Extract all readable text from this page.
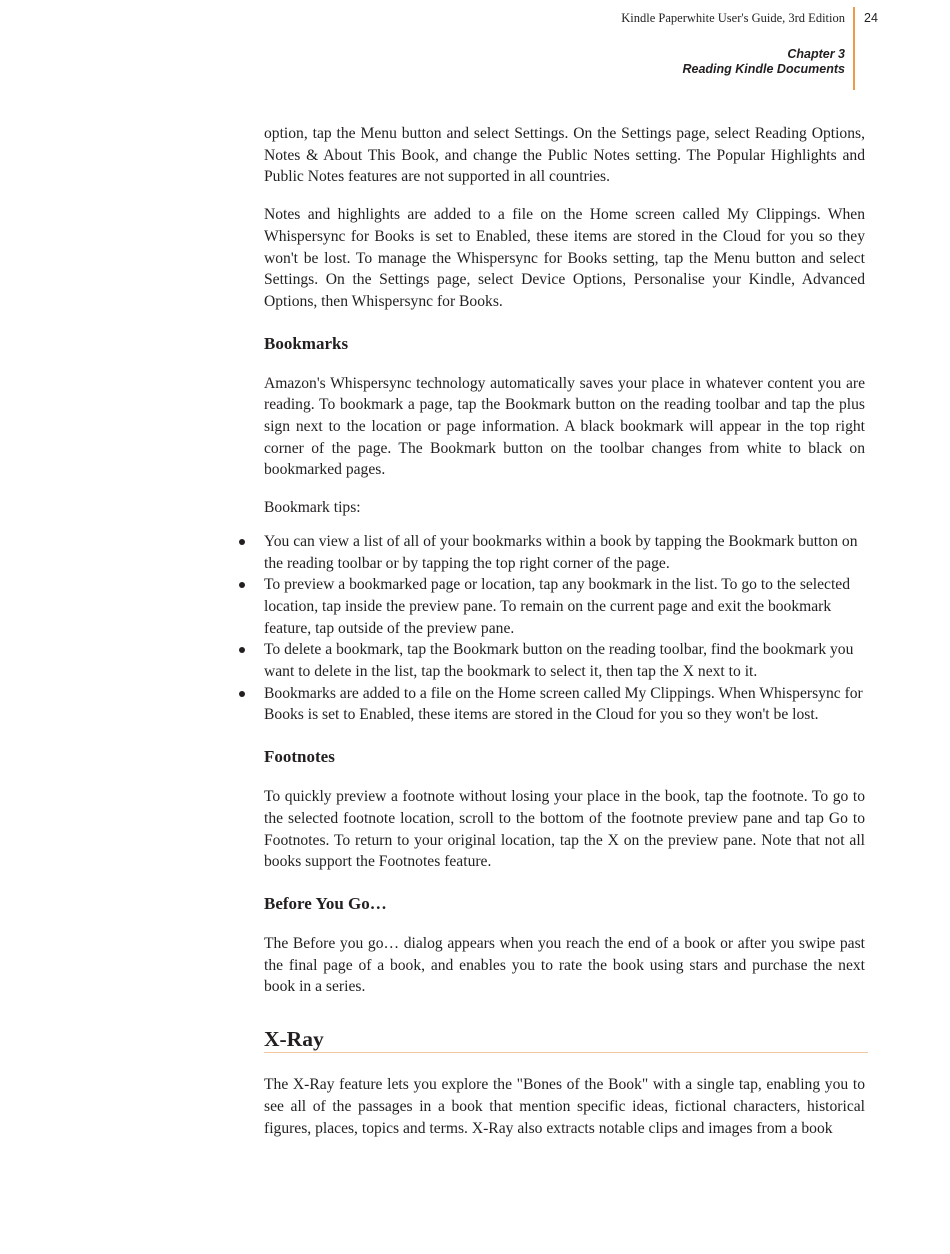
Kindle Paperwhite User's Guide, 3rd Edition 24
Chapter 3
Reading Kindle Documents

option, tap the Menu button and select Settings. On the Settings page, select Reading Options, Notes & About This Book, and change the Public Notes setting. The Popular Highlights and Public Notes features are not supported in all countries.

Notes and highlights are added to a file on the Home screen called My Clippings. When Whispersync for Books is set to Enabled, these items are stored in the Cloud for you so they won't be lost. To manage the Whispersync for Books setting, tap the Menu button and select Settings. On the Settings page, select Device Options, Personalise your Kindle, Advanced Options, then Whispersync for Books.

Bookmarks

Amazon's Whispersync technology automatically saves your place in whatever content you are reading. To bookmark a page, tap the Bookmark button on the reading toolbar and tap the plus sign next to the location or page information. A black bookmark will appear in the top right corner of the page. The Bookmark button on the toolbar changes from white to black on bookmarked pages.

Bookmark tips:

You can view a list of all of your bookmarks within a book by tapping the Bookmark button on the reading toolbar or by tapping the top right corner of the page.
To preview a bookmarked page or location, tap any bookmark in the list. To go to the selected location, tap inside the preview pane. To remain on the current page and exit the bookmark feature, tap outside of the preview pane.
To delete a bookmark, tap the Bookmark button on the reading toolbar, find the bookmark you want to delete in the list, tap the bookmark to select it, then tap the X next to it.
Bookmarks are added to a file on the Home screen called My Clippings. When Whispersync for Books is set to Enabled, these items are stored in the Cloud for you so they won't be lost.
Footnotes

To quickly preview a footnote without losing your place in the book, tap the footnote. To go to the selected footnote location, scroll to the bottom of the footnote preview pane and tap Go to Footnotes. To return to your original location, tap the X on the preview pane. Note that not all books support the Footnotes feature.

Before You Go…

The Before you go… dialog appears when you reach the end of a book or after you swipe past the final page of a book, and enables you to rate the book using stars and purchase the next book in a series.

X-Ray

The X-Ray feature lets you explore the "Bones of the Book" with a single tap, enabling you to see all of the passages in a book that mention specific ideas, fictional characters, historical figures, places, topics and terms. X-Ray also extracts notable clips and images from a book
